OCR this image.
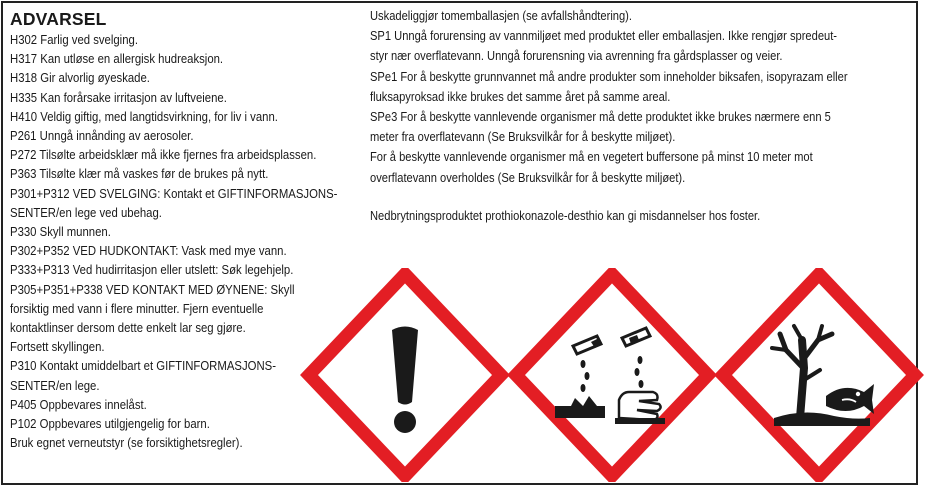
ADVARSEL
H302 Farlig ved svelging.
H317 Kan utløse en allergisk hudreaksjon.
H318 Gir alvorlig øyeskade.
H335 Kan forårsake irritasjon av luftveiene.
H410 Veldig giftig, med langtidsvirkning, for liv i vann.
P261 Unngå innånding av aerosoler.
P272 Tilsølte arbeidsklær må ikke fjernes fra arbeidsplassen.
P363 Tilsølte klær må vaskes før de brukes på nytt.
P301+P312 VED SVELGING: Kontakt et GIFTINFORMASJONS-
SENTER/en lege ved ubehag.
P330 Skyll munnen.
P302+P352 VED HUDKONTAKT: Vask med mye vann.
P333+P313 Ved hudirritasjon eller utslett: Søk legehjelp.
P305+P351+P338 VED KONTAKT MED ØYNENE: Skyll
forsiktig med vann i flere minutter. Fjern eventuelle
kontaktlinser dersom dette enkelt lar seg gjøre.
Fortsett skyllingen.
P310 Kontakt umiddelbart et GIFTINFORMASJONS-
SENTER/en lege.
P405 Oppbevares innelåst.
P102 Oppbevares utilgjengelig for barn.
Bruk egnet verneutstyr (se forsiktighetsregler).
Uskadeliggjør tomemballasjen (se avfallshåndtering).
SP1 Unngå forurensing av vannmiljøet med produktet eller emballasjen. Ikke rengjør spredeut-
styr nær overflatevann. Unngå forurensning via avrenning fra gårdsplasser og veier.
SPe1 For å beskytte grunnvannet må andre produkter som inneholder biksafen, isopyrazam eller
fluksapyroksad ikke brukes det samme året på samme areal.
SPe3 For å beskytte vannlevende organismer må dette produktet ikke brukes nærmere enn 5
meter fra overflatevann (Se Bruksvilkår for å beskytte miljøet).
For å beskytte vannlevende organismer må en vegetert buffersone på minst 10 meter mot
overflatevann overholdes (Se Bruksvilkår for å beskytte miljøet).
Nedbrytningsproduktet prothiokonazole-desthio kan gi misdannelser hos foster.
